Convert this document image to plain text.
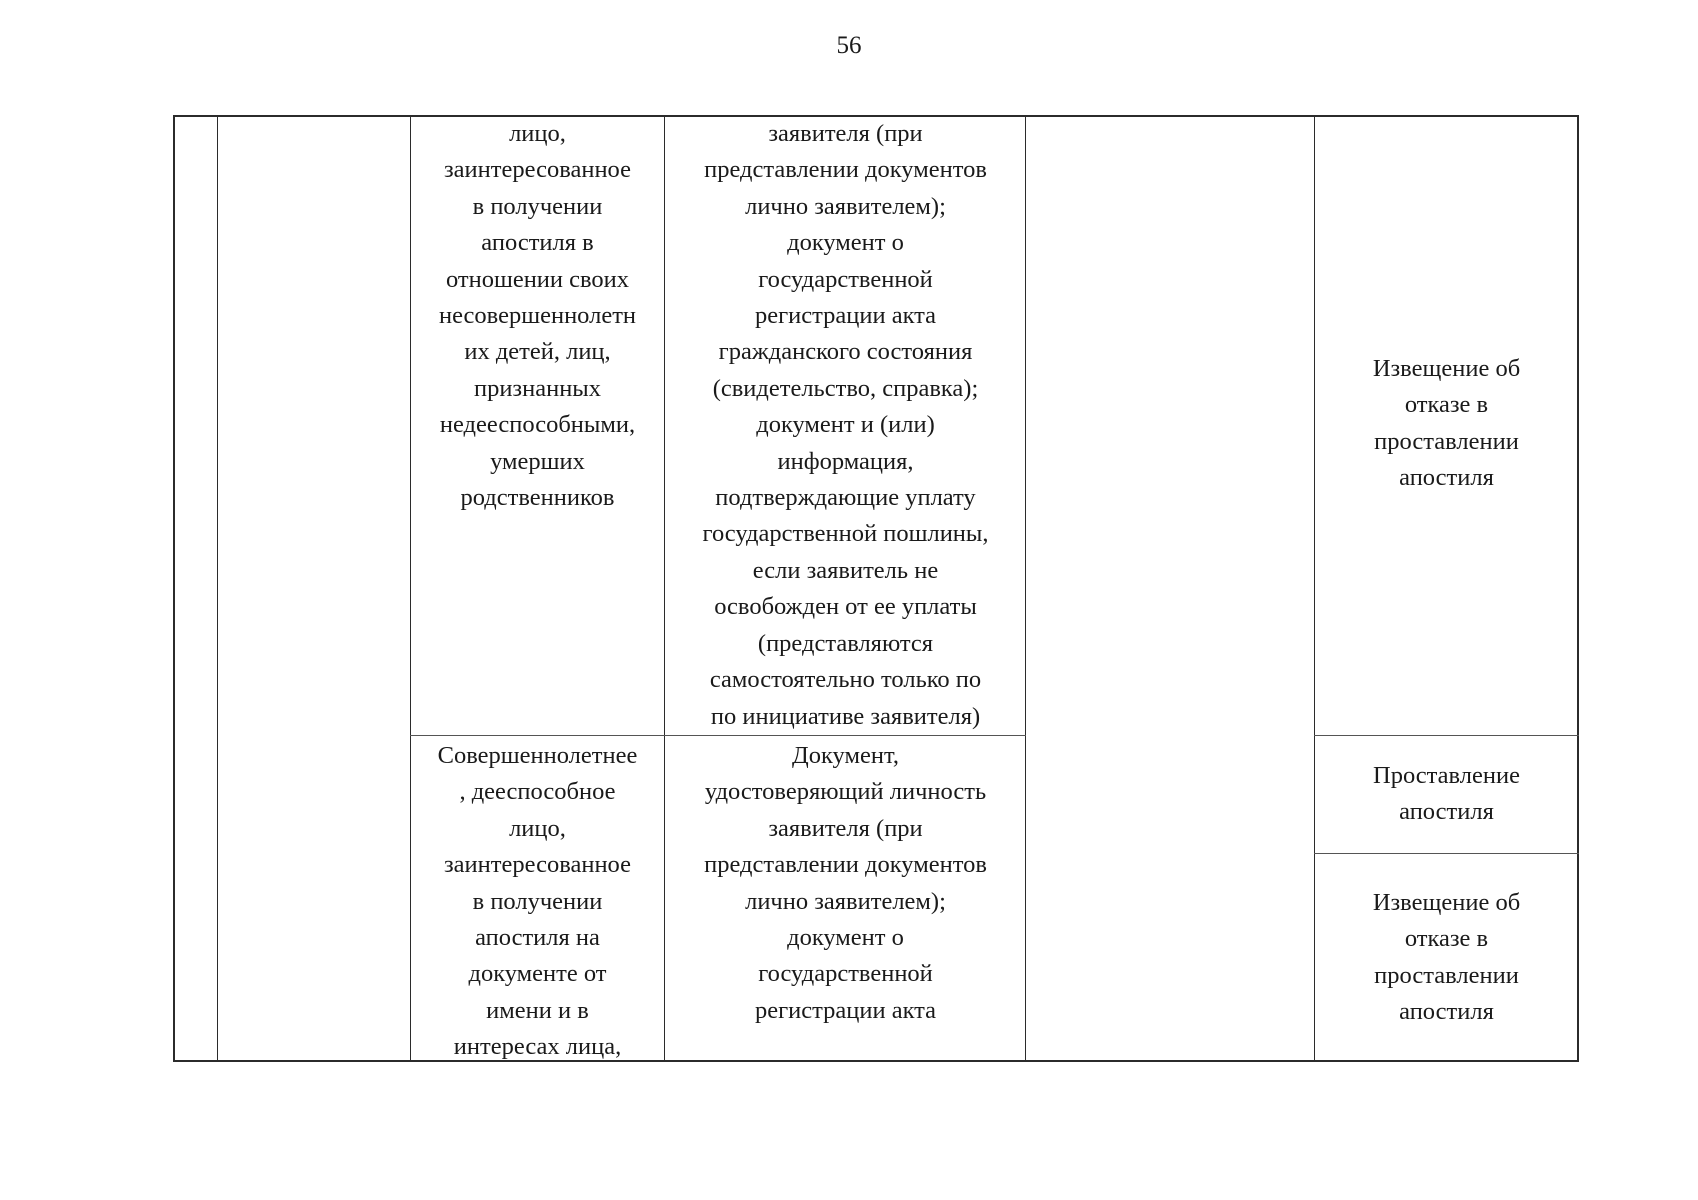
56

лицо,
заинтересованное
в получении
апостиля в
отношении своих
несовершеннолетн
их детей, лиц,
признанных
недееспособными,
умерших
родственников

заявителя (при
представлении документов
лично заявителем);
документ о
государственной
регистрации акта
гражданского состояния
(свидетельство, справка);
документ и (или)
информация,
подтверждающие уплату
государственной пошлины,
если заявитель не
освобожден от ее уплаты
(представляются
самостоятельно только по
по инициативе заявителя)

Извещение об
отказе в
проставлении
апостиля

Совершеннолетнее
, дееспособное
лицо,
заинтересованное
в получении
апостиля на
документе от
имени и в
интересах лица,

Документ,
удостоверяющий личность
заявителя (при
представлении документов
лично заявителем);
документ о
государственной
регистрации акта

Проставление
апостиля

Извещение об
отказе в
проставлении
апостиля
